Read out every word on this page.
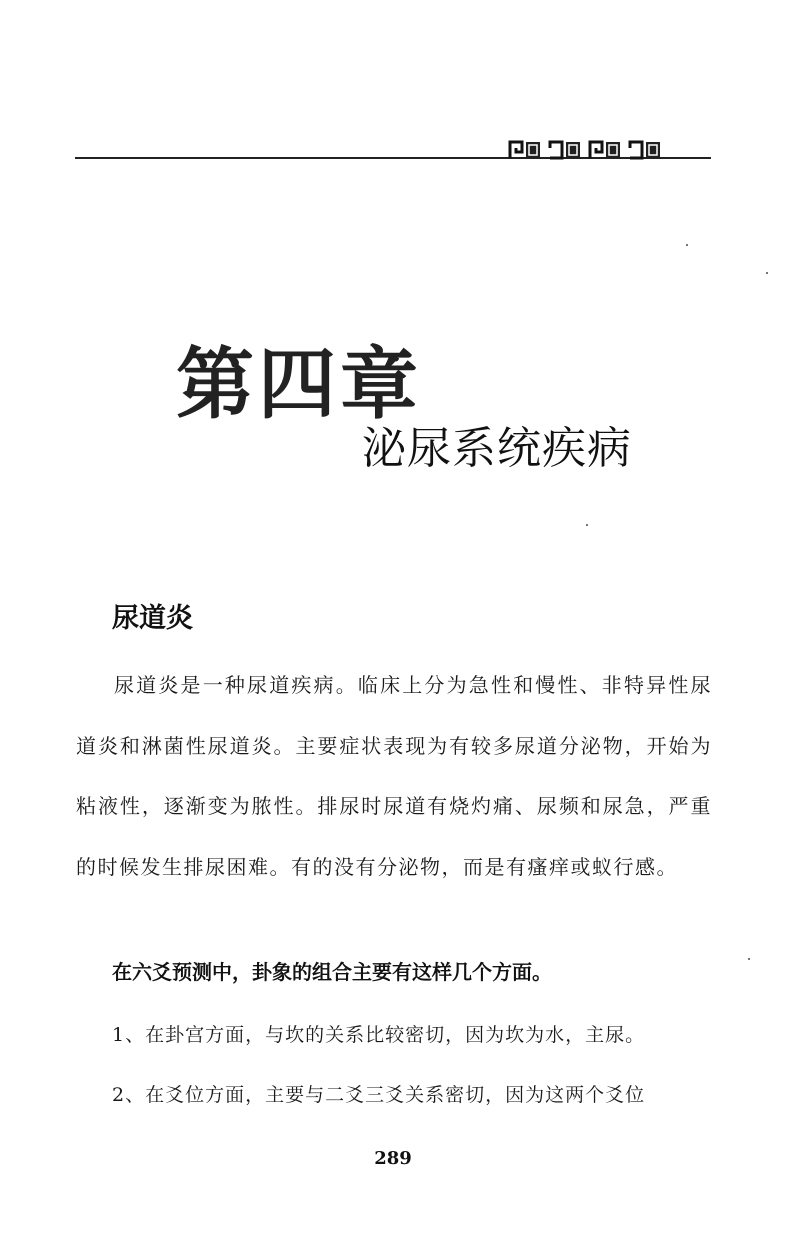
第四章
泌尿系统疾病
尿道炎

尿道炎是一种尿道疾病。临床上分为急性和慢性、非特异性尿道炎和淋菌性尿道炎。主要症状表现为有较多尿道分泌物，开始为粘液性，逐渐变为脓性。排尿时尿道有烧灼痛、尿频和尿急，严重的时候发生排尿困难。有的没有分泌物，而是有瘙痒或蚁行感。

在六爻预测中，卦象的组合主要有这样几个方面。
1、在卦宫方面，与坎的关系比较密切，因为坎为水，主尿。
2、在爻位方面，主要与二爻三爻关系密切，因为这两个爻位
289
